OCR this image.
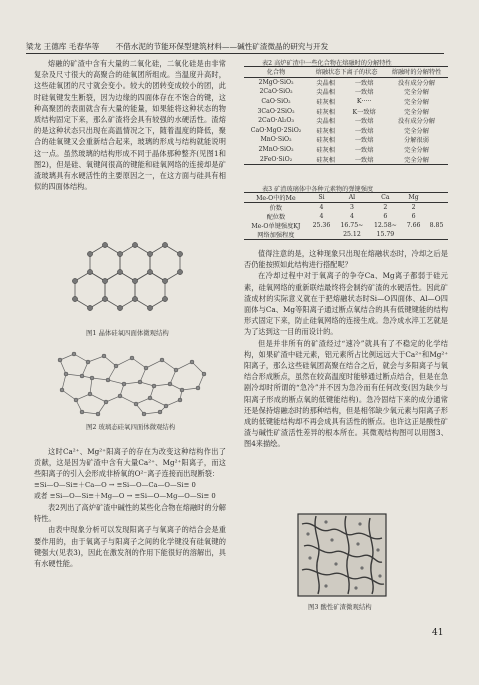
梁龙 王德库 毛春华等 不借水泥的节能环保型建筑材料——碱性矿渣微晶的研究与开发

熔融的矿渣中含有大量的二氧化硅，二氧化硅是由非常复杂及尺寸很大的高聚合的硅氧团所组成。当温度升高时，这些硅氧团的尺寸就会变小。较大的团转变成较小的团，此时硅氧键发生断裂，因为边缘的四面体存在不饱合的键，这种高聚团的表面就含有大量的能量，如果能将这种状态的物质结构固定下来，那么矿渣将会具有较强的水硬活性。渣熔的是这种状态只出现在高温情况之下，随着温度的降低，聚合的硅氧键又会重新结合起来，玻璃的形成与结构就能说明这一点。虽然玻璃的结构形成不同于晶体那种整齐(见图1和图2)，但是硅、氧键间很高的键能和硅氧网络的连接却是矿渣玻璃具有水硬活性的主要原因之一，在这方面与硅具有相似的四面体结构。

图1 晶体硅氧四面体微观结构
图2 玻璃态硅氧四面体微观结构

这时Ca²⁺、Mg²⁺阳离子的存在为改变这种结构作出了贡献，这是因为矿渣中含有大量Ca²⁺、Mg²⁺阳离子，而这些阳离子的引入会形成非桥氧的O²⁻离子连接而出现断裂：

≡Si—O—Si≡＋Ca—O → ≡Si—O—Ca—O—Si≡ 0
或者 ≡Si—O—Si≡＋Mg—O → ≡Si—O—Mg—O—Si≡ 0

表2列出了高炉矿渣中碱性的某些化合物在熔融时的分解特性。

由表中现象分析可以发现阳离子与氧离子的结合会是重要作用的，由于氧离子与阳离子之间的化学键没有硅氧键的键强大(见表3)，因此在激发剂的作用下能很好的溶解出，具有水硬性能。

表2 高炉矿渣中一些化合物在熔融时的分解特性
化合物	熔融状态下离子的状态		熔融时的分解特性
2MgO·SiO₂	尖晶相	一致熔	没有成分分解
2CaO·SiO₂	尖晶相	一致熔	完全分解
CaO·SiO₂	硅灰相	K·····	完全分解
3CaO·2SiO₂	硅灰相	K一致熔	完全分解
2CaO·Al₂O₃	尖晶相	一致熔	没有成分分解
CaO·MgO·2SiO₂	硅灰相	一致熔	完全分解
MnO·SiO₂	硅灰相	一致熔	分解很弱
2MnO·SiO₂	硅灰相	一致熔	完全分解
2FeO·SiO₂	硅灰相	一致熔	完全分解
表3 矿渣玻璃体中各种元素物的弹键强度
Me-O中的Me	Si	Al	Ca	Mg	
价数	4	3	2	2	
配位数	4	4	6	6	
Me-O单键强度KJ	25.36	16.75~	12.58~	7.66	8.85
网络加强程度		25.12	15.79		

值得注意的是，这种现象只出现在熔融状态时，冷却之后是否仍能按照如此结构进行搭配呢？

在冷却过程中对于氧离子的争夺Ca、Mg离子都弱于硅元素，硅氧网络的重新联结最终将会制约矿渣的水硬活性。因此矿渣成材的实际意义就在于把熔融状态时Si—O四面体、Al—O四面体与Ca、Mg等阳离子通过断点氧结合的具有低键键能的结构形式固定下来，防止硅氧网络的连接生成。急冷成水淬工艺就是为了达到这一目的而设计的。

但是并非所有的矿渣经过“速冷”就具有了不稳定的化学结构，如果矿渣中硅元素，铝元素所占比例远远大于Ca²⁺和Mg²⁺阳离子，那么这些硅氧团高聚在结合之后，就会与多阳离子与氧结合形成断点，虽然在较高温度时能够通过断点结合，但是在急剧冷却时所谓的“急冷”并不因为急冷而有任何改变(因为缺少与阳离子形成的断点氧的低键能结构)。急冷固结下来的成分通常还是保持熔融态时的那种结构，但是相邻缺少氧元素与阳离子形成的低键能结构却不再会成具有活性的断点。也许这正是酸性矿渣与碱性矿渣活性差异的根本所在。其微观结构图可以用图3、图4来描绘。

图3 酸性矿渣微观结构
41
